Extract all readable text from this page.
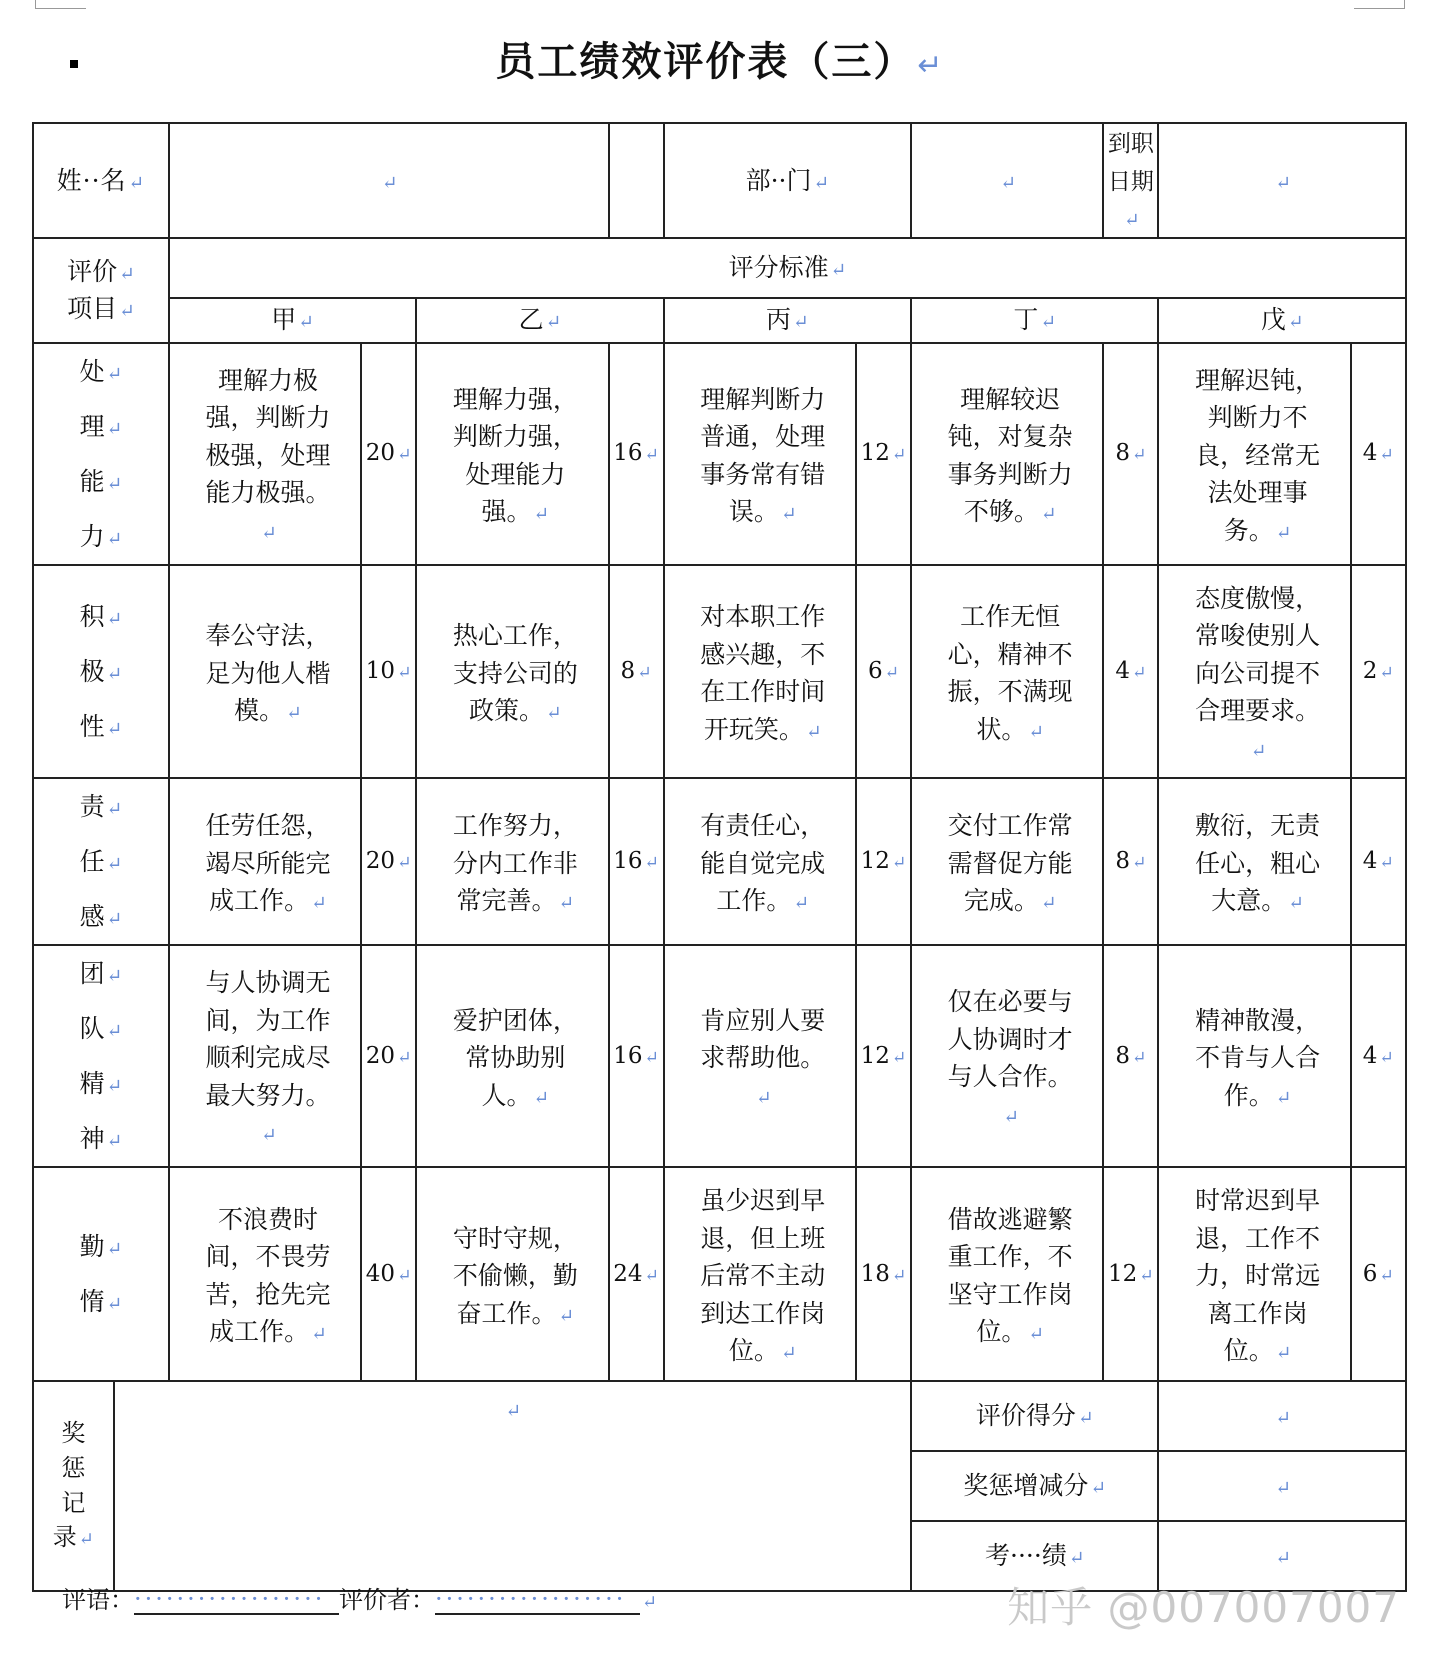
员工绩效评价表（三） ↵
姓··名 ↵	↵					部··门 ↵	↵		到职日期 ↵	↵
评价 ↵
项目 ↵		评分标准 ↵
		甲 ↵		乙 ↵		丙 ↵		丁 ↵		戊 ↵

处 ↵
理 ↵
能 ↵
力 ↵		理解力极强，判断力极强，处理能力极强。 ↵	20 ↵	理解力强，判断力强，处理能力强。 ↵	16 ↵	理解判断力普通，处理事务常有错误。 ↵	12 ↵	理解较迟钝，对复杂事务判断力不够。 ↵	8 ↵	理解迟钝，判断力不良，经常无法处理事务。 ↵	4 ↵

积 ↵
极 ↵
性 ↵		奉公守法，足为他人楷模。 ↵	10 ↵	热心工作，支持公司的政策。 ↵	8 ↵	对本职工作感兴趣，不在工作时间开玩笑。 ↵	6 ↵	工作无恒心，精神不振，不满现状。 ↵	4 ↵	态度傲慢，常唆使别人向公司提不合理要求。 ↵	2 ↵

责 ↵
任 ↵
感 ↵		任劳任怨，竭尽所能完成工作。 ↵	20 ↵	工作努力，分内工作非常完善。 ↵	16 ↵	有责任心，能自觉完成工作。 ↵	12 ↵	交付工作常需督促方能完成。 ↵	8 ↵	敷衍，无责任心，粗心大意。 ↵	4 ↵

团 ↵
队 ↵
精 ↵
神 ↵		与人协调无间，为工作顺利完成尽最大努力。 ↵	20 ↵	爱护团体，常协助别人。 ↵	16 ↵	肯应别人要求帮助他。 ↵	12 ↵	仅在必要与人协调时才与人合作。 ↵	8 ↵	精神散漫，不肯与人合作。 ↵	4 ↵

勤 ↵
惰 ↵		不浪费时间，不畏劳苦，抢先完成工作。 ↵	40 ↵	守时守规，不偷懒，勤奋工作。 ↵	24 ↵	虽少迟到早退，但上班后常不主动到达工作岗位。 ↵	18 ↵	借故逃避繁重工作，不坚守工作岗位。 ↵	12 ↵	时常迟到早退，工作不力，时常远离工作岗位。 ↵	6 ↵
奖
惩
记
录 ↵	↵							评价得分 ↵	↵
								奖惩增减分 ↵	↵
								考····绩 ↵	↵
评语：·················· 评价者：·················· ↵	知乎 @007007007
